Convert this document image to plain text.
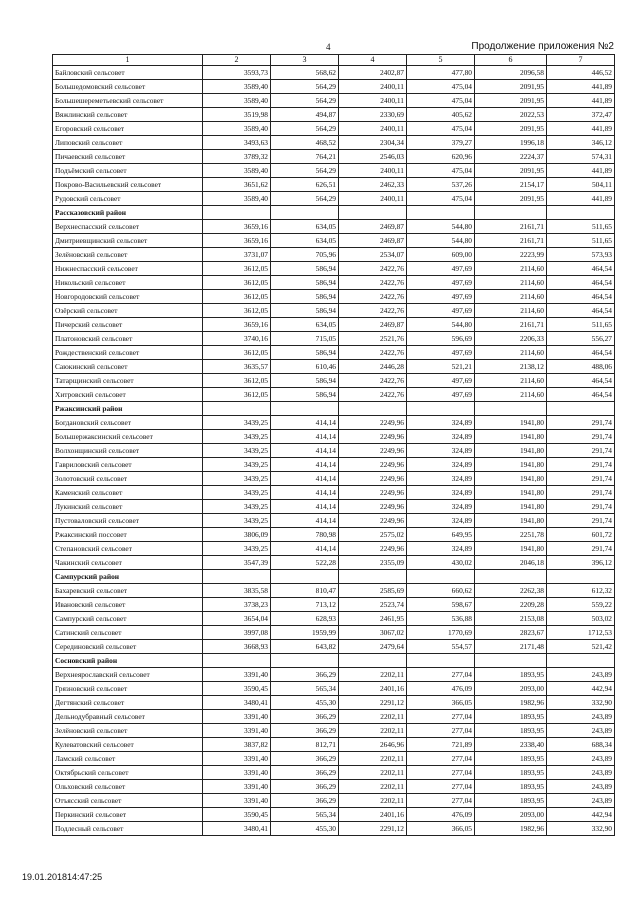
4	Продолжение приложения №2
1	2	3	4	5	6	7
Байловский сельсовет	3593,73	568,62	2402,87	477,80	2096,58	446,52
Большедомовский сельсовет	3589,40	564,29	2400,11	475,04	2091,95	441,89
Большешереметьевский сельсовет	3589,40	564,29	2400,11	475,04	2091,95	441,89
Вяжлинский сельсовет	3519,98	494,87	2330,69	405,62	2022,53	372,47
Егоровский сельсовет	3589,40	564,29	2400,11	475,04	2091,95	441,89
Липовский сельсовет	3493,63	468,52	2304,34	379,27	1996,18	346,12
Пичаевский сельсовет	3789,32	764,21	2546,03	620,96	2224,37	574,31
Подъёмский сельсовет	3589,40	564,29	2400,11	475,04	2091,95	441,89
Покрово-Васильевский сельсовет	3651,62	626,51	2462,33	537,26	2154,17	504,11
Рудовский сельсовет	3589,40	564,29	2400,11	475,04	2091,95	441,89
Рассказовский район						
Верхнеспасский сельсовет	3659,16	634,05	2469,87	544,80	2161,71	511,65
Дмитриевщинский сельсовет	3659,16	634,05	2469,87	544,80	2161,71	511,65
Зелёновский сельсовет	3731,07	705,96	2534,07	609,00	2223,99	573,93
Нижнеспасский сельсовет	3612,05	586,94	2422,76	497,69	2114,60	464,54
Никольский сельсовет	3612,05	586,94	2422,76	497,69	2114,60	464,54
Новгородовский сельсовет	3612,05	586,94	2422,76	497,69	2114,60	464,54
Озёрский сельсовет	3612,05	586,94	2422,76	497,69	2114,60	464,54
Пичерский сельсовет	3659,16	634,05	2469,87	544,80	2161,71	511,65
Платоновский сельсовет	3740,16	715,05	2521,76	596,69	2206,33	556,27
Рождественский сельсовет	3612,05	586,94	2422,76	497,69	2114,60	464,54
Саюкинский сельсовет	3635,57	610,46	2446,28	521,21	2138,12	488,06
Татарщинский сельсовет	3612,05	586,94	2422,76	497,69	2114,60	464,54
Хитровский сельсовет	3612,05	586,94	2422,76	497,69	2114,60	464,54
Ржаксинский район						
Богдановский сельсовет	3439,25	414,14	2249,96	324,89	1941,80	291,74
Большержаксинский сельсовет	3439,25	414,14	2249,96	324,89	1941,80	291,74
Волхонщинский сельсовет	3439,25	414,14	2249,96	324,89	1941,80	291,74
Гавриловский сельсовет	3439,25	414,14	2249,96	324,89	1941,80	291,74
Золотовский сельсовет	3439,25	414,14	2249,96	324,89	1941,80	291,74
Каменский сельсовет	3439,25	414,14	2249,96	324,89	1941,80	291,74
Лукинский сельсовет	3439,25	414,14	2249,96	324,89	1941,80	291,74
Пустоваловский сельсовет	3439,25	414,14	2249,96	324,89	1941,80	291,74
Ржаксинский поссовет	3806,09	780,98	2575,02	649,95	2251,78	601,72
Степановский сельсовет	3439,25	414,14	2249,96	324,89	1941,80	291,74
Чакинский сельсовет	3547,39	522,28	2355,09	430,02	2046,18	396,12
Сампурский район						
Бахаревский сельсовет	3835,58	810,47	2585,69	660,62	2262,38	612,32
Ивановский сельсовет	3738,23	713,12	2523,74	598,67	2209,28	559,22
Сампурский сельсовет	3654,04	628,93	2461,95	536,88	2153,08	503,02
Сатинский сельсовет	3997,08	1959,99	3067,02	1770,69	2823,67	1712,53
Серединовский сельсовет	3668,93	643,82	2479,64	554,57	2171,48	521,42
Сосновский район						
Верхнеярославский сельсовет	3391,40	366,29	2202,11	277,04	1893,95	243,89
Грязновский сельсовет	3590,45	565,34	2401,16	476,09	2093,00	442,94
Дегтянский сельсовет	3480,41	455,30	2291,12	366,05	1982,96	332,90
Дельнодубравный сельсовет	3391,40	366,29	2202,11	277,04	1893,95	243,89
Зелёновский сельсовет	3391,40	366,29	2202,11	277,04	1893,95	243,89
Кулеватовский сельсовет	3837,82	812,71	2646,96	721,89	2338,40	688,34
Ламский сельсовет	3391,40	366,29	2202,11	277,04	1893,95	243,89
Октябрьский сельсовет	3391,40	366,29	2202,11	277,04	1893,95	243,89
Ольховский сельсовет	3391,40	366,29	2202,11	277,04	1893,95	243,89
Отъясский сельсовет	3391,40	366,29	2202,11	277,04	1893,95	243,89
Перкинский сельсовет	3590,45	565,34	2401,16	476,09	2093,00	442,94
Подлесный сельсовет	3480,41	455,30	2291,12	366,05	1982,96	332,90
19.01.201814:47:25
